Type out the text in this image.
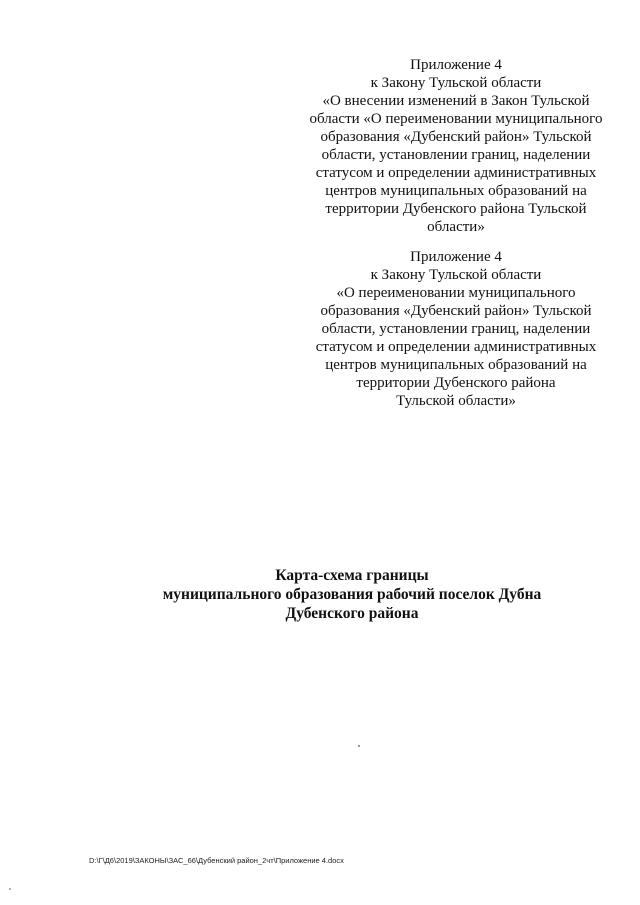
Приложение 4
к Закону Тульской области
«О внесении изменений в Закон Тульской
области «О переименовании муниципального
образования «Дубенский район» Тульской
области, установлении границ, наделении
статусом и определении административных
центров муниципальных образований на
территории Дубенского района Тульской
области»
Приложение 4
к Закону Тульской области
«О переименовании муниципального
образования «Дубенский район» Тульской
области, установлении границ, наделении
статусом и определении административных
центров муниципальных образований на
территории Дубенского района
Тульской области»
Карта-схема границы
муниципального образования рабочий поселок Дубна
Дубенского района
D:\Г\Д6\2019\ЗАКОНЫ\ЗАС_66\Дубенский район_2чт\Приложение 4.docx
